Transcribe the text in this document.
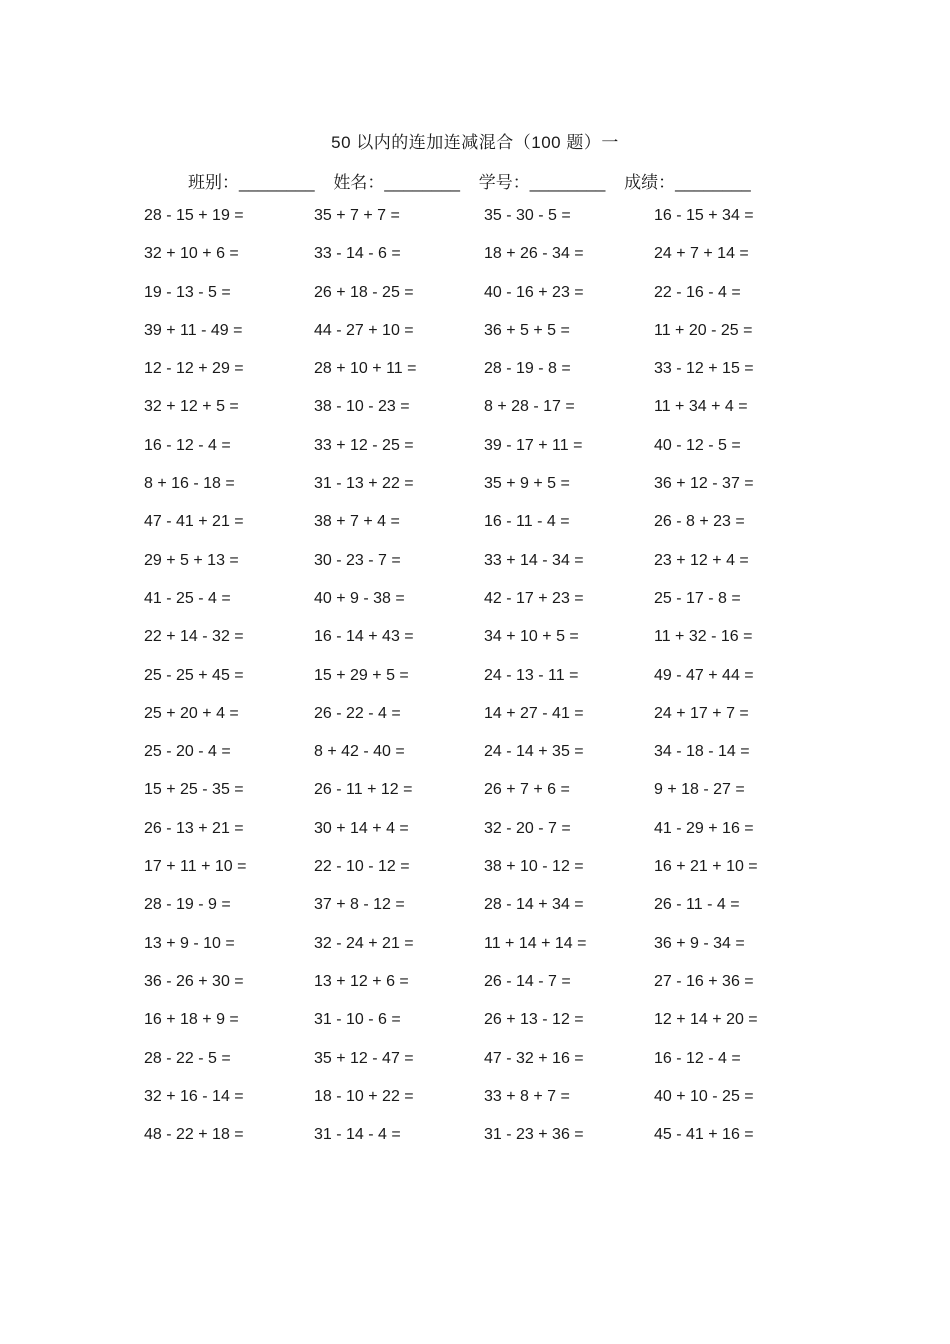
50 以内的连加连减混合（100 题）一
班别：________ 姓名：________ 学号：________ 成绩：________
28 - 15 + 19 =	35 + 7 + 7 =	35 - 30 - 5 =	16 - 15 + 34 =
32 + 10 + 6 =	33 - 14 - 6 =	18 + 26 - 34 =	24 + 7 + 14 =
19 - 13 - 5 =	26 + 18 - 25 =	40 - 16 + 23 =	22 - 16 - 4 =
39 + 11 - 49 =	44 - 27 + 10 =	36 + 5 + 5 =	11 + 20 - 25 =
12 - 12 + 29 =	28 + 10 + 11 =	28 - 19 - 8 =	33 - 12 + 15 =
32 + 12 + 5 =	38 - 10 - 23 =	8 + 28 - 17 =	11 + 34 + 4 =
16 - 12 - 4 =	33 + 12 - 25 =	39 - 17 + 11 =	40 - 12 - 5 =
8 + 16 - 18 =	31 - 13 + 22 =	35 + 9 + 5 =	36 + 12 - 37 =
47 - 41 + 21 =	38 + 7 + 4 =	16 - 11 - 4 =	26 - 8 + 23 =
29 + 5 + 13 =	30 - 23 - 7 =	33 + 14 - 34 =	23 + 12 + 4 =
41 - 25 - 4 =	40 + 9 - 38 =	42 - 17 + 23 =	25 - 17 - 8 =
22 + 14 - 32 =	16 - 14 + 43 =	34 + 10 + 5 =	11 + 32 - 16 =
25 - 25 + 45 =	15 + 29 + 5 =	24 - 13 - 11 =	49 - 47 + 44 =
25 + 20 + 4 =	26 - 22 - 4 =	14 + 27 - 41 =	24 + 17 + 7 =
25 - 20 - 4 =	8 + 42 - 40 =	24 - 14 + 35 =	34 - 18 - 14 =
15 + 25 - 35 =	26 - 11 + 12 =	26 + 7 + 6 =	9 + 18 - 27 =
26 - 13 + 21 =	30 + 14 + 4 =	32 - 20 - 7 =	41 - 29 + 16 =
17 + 11 + 10 =	22 - 10 - 12 =	38 + 10 - 12 =	16 + 21 + 10 =
28 - 19 - 9 =	37 + 8 - 12 =	28 - 14 + 34 =	26 - 11 - 4 =
13 + 9 - 10 =	32 - 24 + 21 =	11 + 14 + 14 =	36 + 9 - 34 =
36 - 26 + 30 =	13 + 12 + 6 =	26 - 14 - 7 =	27 - 16 + 36 =
16 + 18 + 9 =	31 - 10 - 6 =	26 + 13 - 12 =	12 + 14 + 20 =
28 - 22 - 5 =	35 + 12 - 47 =	47 - 32 + 16 =	16 - 12 - 4 =
32 + 16 - 14 =	18 - 10 + 22 =	33 + 8 + 7 =	40 + 10 - 25 =
48 - 22 + 18 =	31 - 14 - 4 =	31 - 23 + 36 =	45 - 41 + 16 =
